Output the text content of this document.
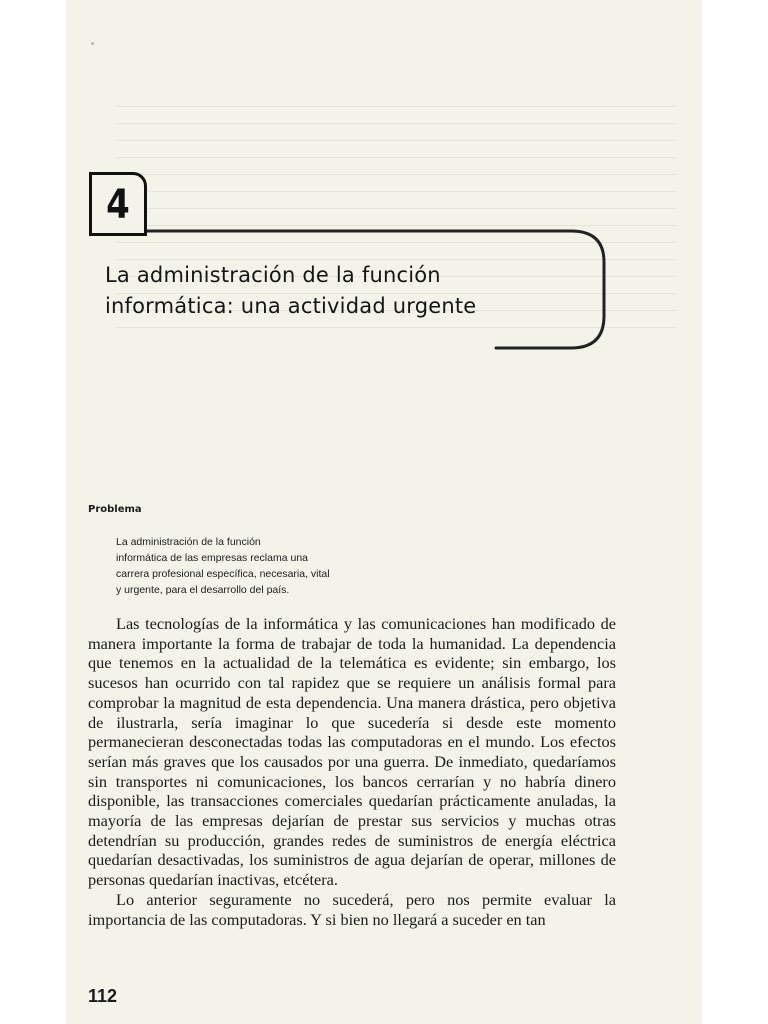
4
La administración de la función
informática: una actividad urgente
Problema
La administración de la función
informática de las empresas reclama una
carrera profesional específica, necesaria, vital
y urgente, para el desarrollo del país.

Las tecnologías de la informática y las comunicaciones han modificado de manera importante la forma de trabajar de toda la humanidad. La dependencia que tenemos en la actualidad de la telemática es evidente; sin embargo, los sucesos han ocurrido con tal rapidez que se requiere un análisis formal para comprobar la magnitud de esta dependencia. Una manera drástica, pero objetiva de ilustrarla, sería imaginar lo que sucedería si desde este momento permanecieran desconectadas todas las computadoras en el mundo. Los efectos serían más graves que los causados por una guerra. De inmediato, quedaríamos sin transportes ni comunicaciones, los bancos cerrarían y no habría dinero disponible, las transacciones comerciales quedarían prácticamente anuladas, la mayoría de las empresas dejarían de prestar sus servicios y muchas otras detendrían su producción, grandes redes de suministros de energía eléctrica quedarían desactivadas, los suministros de agua dejarían de operar, millones de personas quedarían inactivas, etcétera.

Lo anterior seguramente no sucederá, pero nos permite evaluar la importancia de las computadoras. Y si bien no llegará a suceder en tan

112
